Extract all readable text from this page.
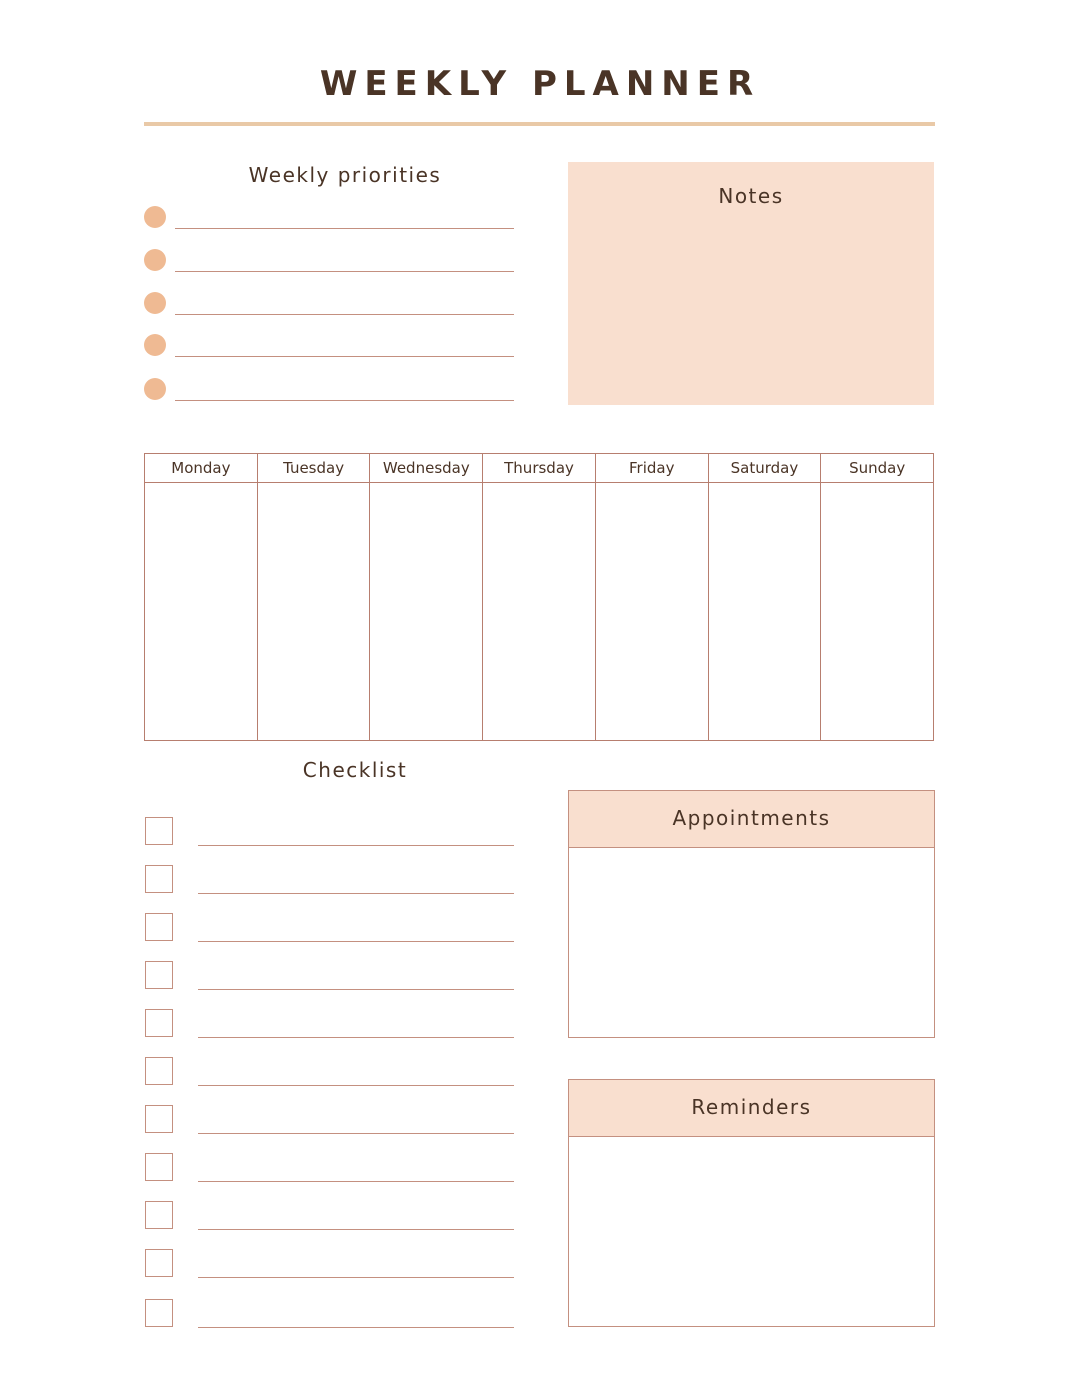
WEEKLY PLANNER
Weekly priorities
Notes
Monday	Tuesday	Wednesday	Thursday	Friday	Saturday	Sunday
Checklist
Appointments
Reminders
